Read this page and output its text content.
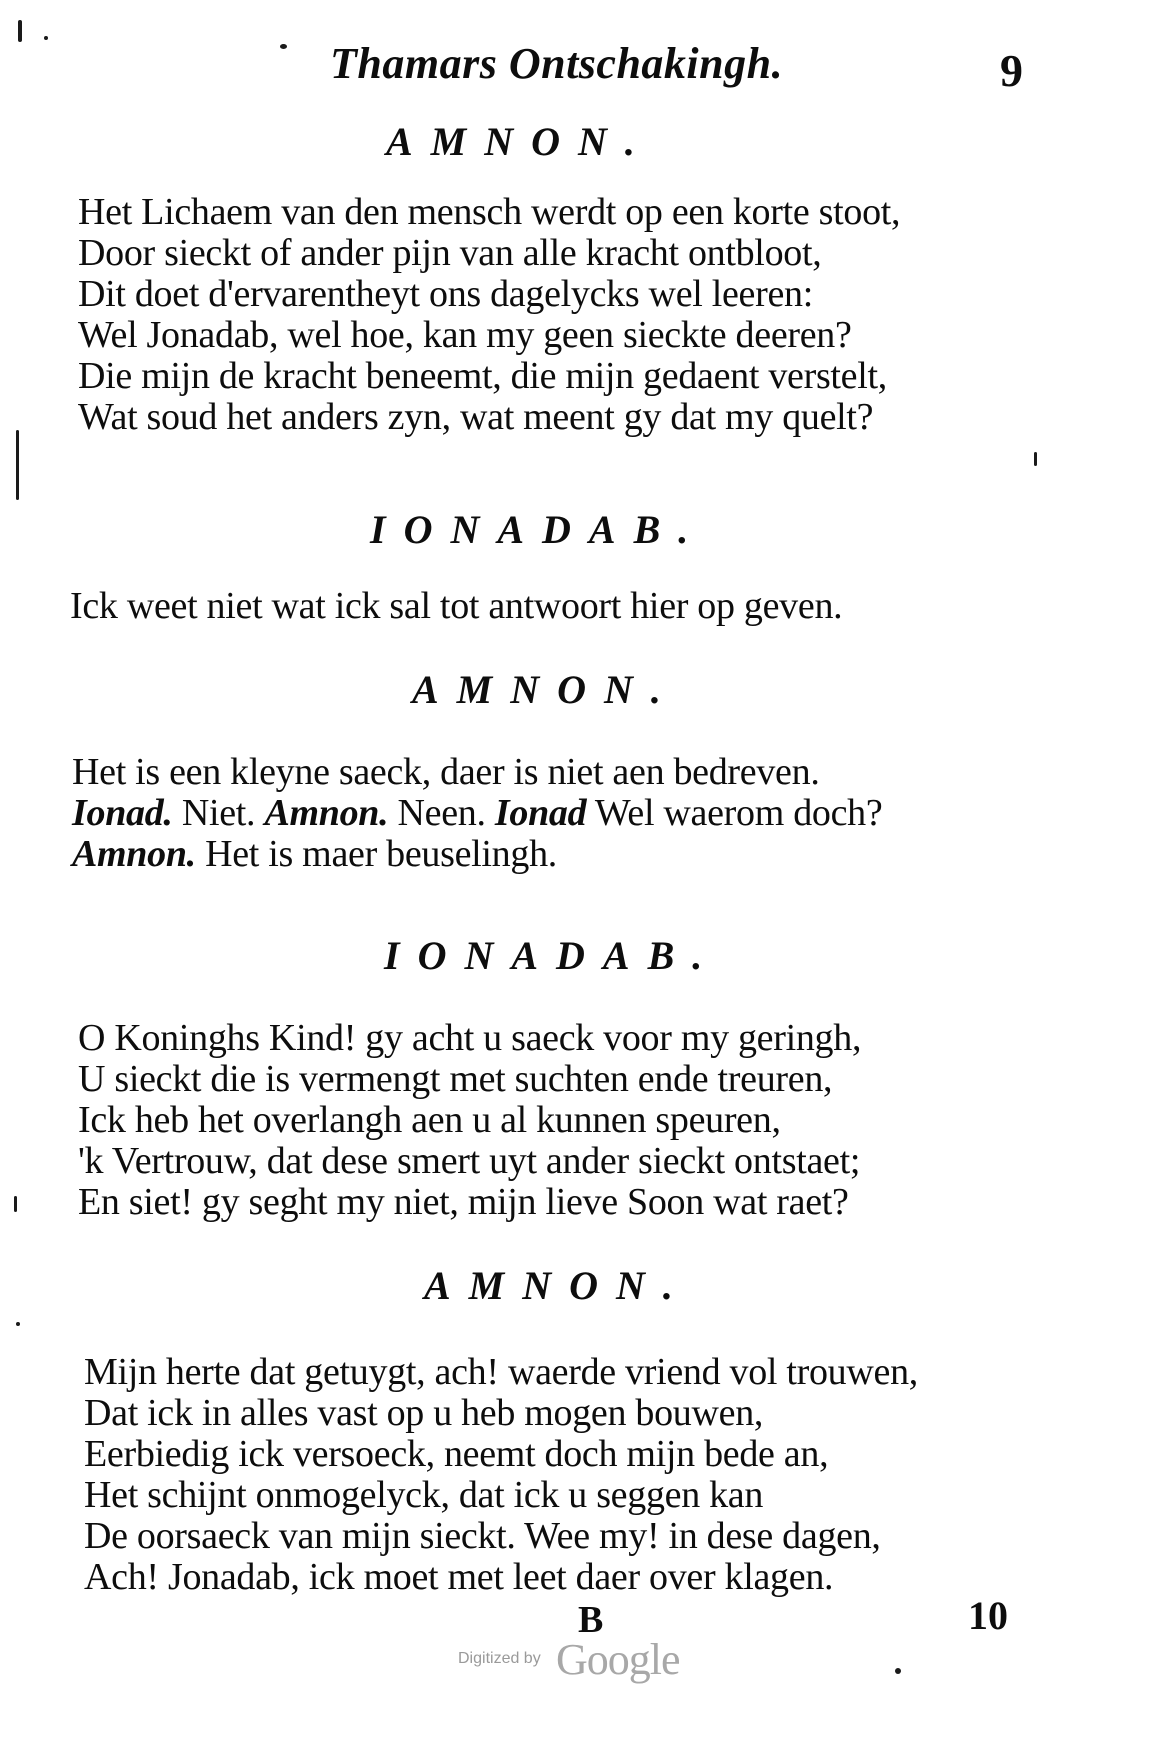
Thamars Ontschakingh.	9
AMNON.
Het Lichaem van den mensch werdt op een korte stoot,
Door sieckt of ander pijn van alle kracht ontbloot,
Dit doet d'ervarentheyt ons dagelycks wel leeren:
Wel Jonadab, wel hoe, kan my geen sieckte deeren?
Die mijn de kracht beneemt, die mijn gedaent verstelt,
Wat soud het anders zyn, wat meent gy dat my quelt?
IONADAB.
Ick weet niet wat ick sal tot antwoort hier op geven.
AMNON.
Het is een kleyne saeck, daer is niet aen bedreven.
Ionad. Niet. Amnon. Neen. Ionad Wel waerom doch?
Amnon. Het is maer beuselingh.
IONADAB.
O Koninghs Kind! gy acht u saeck voor my geringh,
U sieckt die is vermengt met suchten ende treuren,
Ick heb het overlangh aen u al kunnen speuren,
'k Vertrouw, dat dese smert uyt ander sieckt ontstaet;
En siet! gy seght my niet, mijn lieve Soon wat raet?
AMNON.
Mijn herte dat getuygt, ach! waerde vriend vol trouwen,
Dat ick in alles vast op u heb mogen bouwen,
Eerbiedig ick versoeck, neemt doch mijn bede an,
Het schijnt onmogelyck, dat ick u seggen kan
De oorsaeck van mijn sieckt. Wee my! in dese dagen,
Ach! Jonadab, ick moet met leet daer over klagen.
B	10
Digitized by Google
